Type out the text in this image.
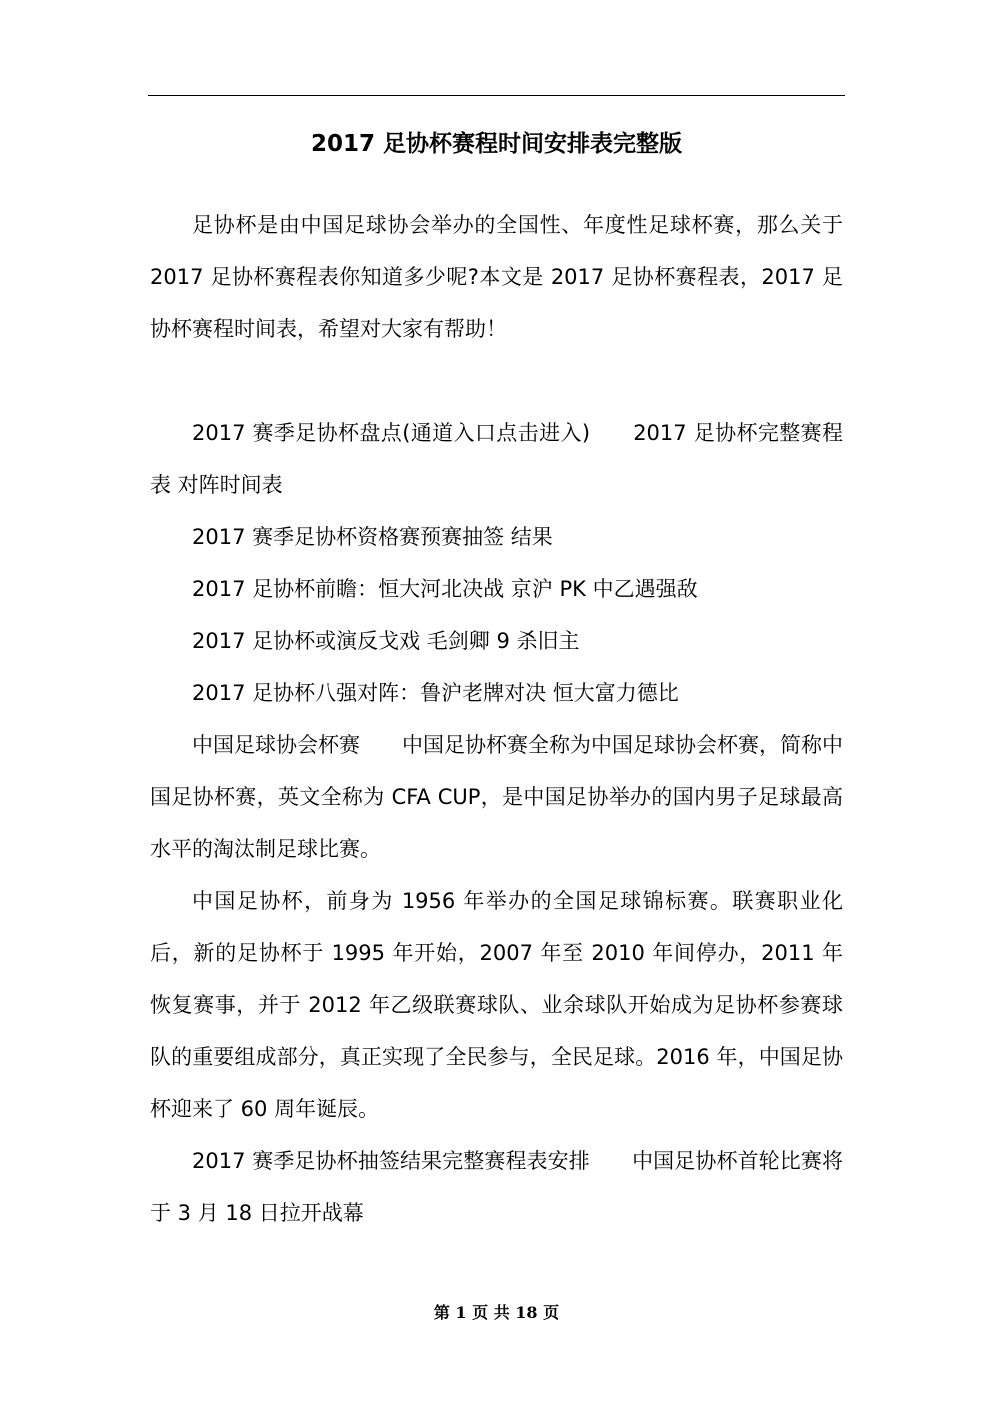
2017 足协杯赛程时间安排表完整版

足协杯是由中国足球协会举办的全国性、年度性足球杯赛，那么关于 2017 足协杯赛程表你知道多少呢?本文是 2017 足协杯赛程表，2017 足协杯赛程时间表，希望对大家有帮助！

2017 赛季足协杯盘点(通道入口点击进入)　　2017 足协杯完整赛程表 对阵时间表

2017 赛季足协杯资格赛预赛抽签 结果

2017 足协杯前瞻：恒大河北决战 京沪 PK 中乙遇强敌

2017 足协杯或演反戈戏 毛剑卿 9 杀旧主

2017 足协杯八强对阵：鲁沪老牌对决 恒大富力德比

中国足球协会杯赛　　中国足协杯赛全称为中国足球协会杯赛，简称中国足协杯赛，英文全称为 CFA CUP，是中国足协举办的国内男子足球最高水平的淘汰制足球比赛。

中国足协杯，前身为 1956 年举办的全国足球锦标赛。联赛职业化后，新的足协杯于 1995 年开始，2007 年至 2010 年间停办，2011 年恢复赛事，并于 2012 年乙级联赛球队、业余球队开始成为足协杯参赛球队的重要组成部分，真正实现了全民参与，全民足球。2016 年，中国足协杯迎来了 60 周年诞辰。

2017 赛季足协杯抽签结果完整赛程表安排　　中国足协杯首轮比赛将于 3 月 18 日拉开战幕

第 1 页 共 18 页
